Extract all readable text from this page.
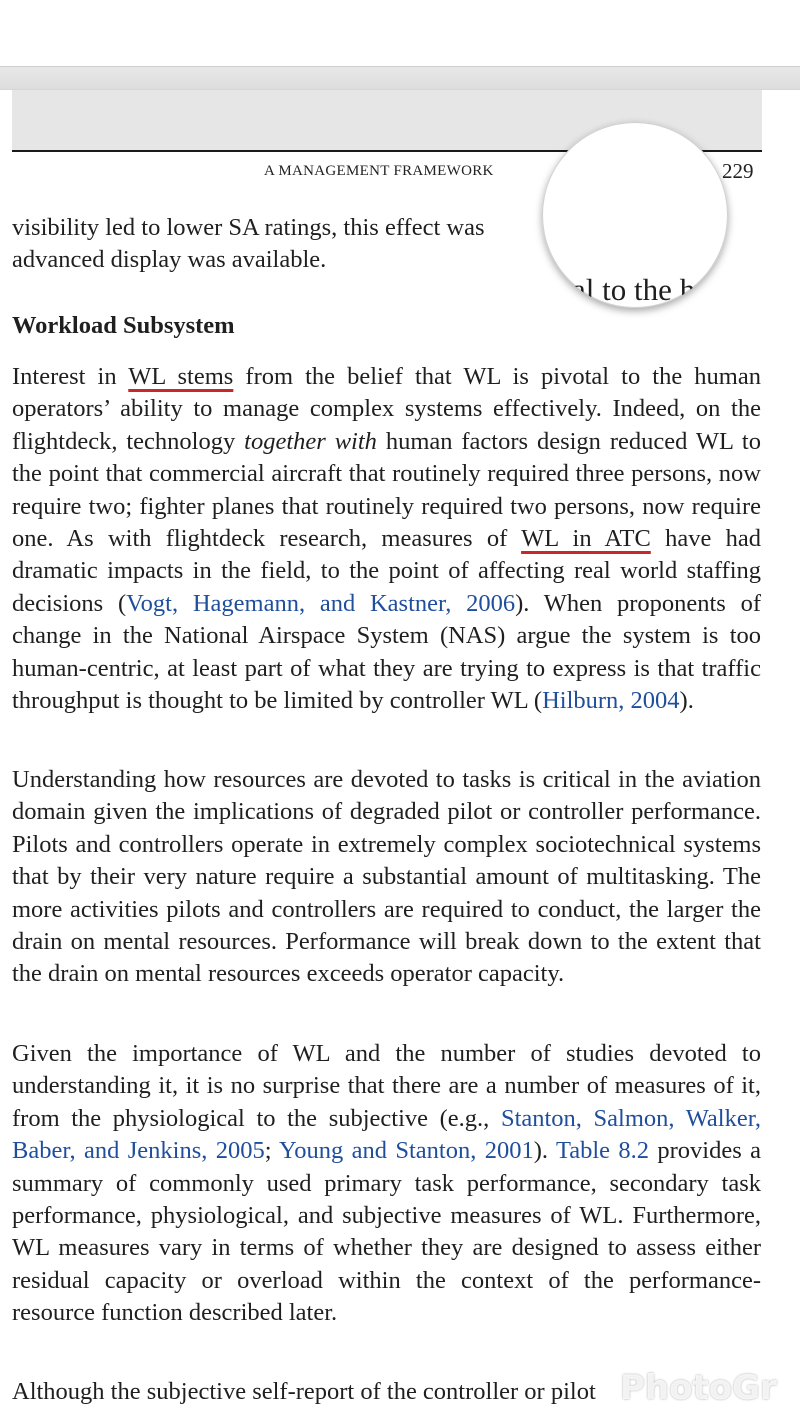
A MANAGEMENT FRAMEWORK	229

visibility led to lower SA ratings, this effect was
advanced display was available.

Workload Subsystem

Interest in WL stems from the belief that WL is pivotal to the human operators’ ability to manage complex systems effectively. Indeed, on the flightdeck, technology together with human factors design reduced WL to the point that commercial aircraft that routinely required three persons, now require two; fighter planes that routinely required two persons, now require one. As with flightdeck research, measures of WL in ATC have had dramatic impacts in the field, to the point of affecting real world staffing decisions (Vogt, Hagemann, and Kastner, 2006). When proponents of change in the National Airspace System (NAS) argue the system is too human-centric, at least part of what they are trying to express is that traffic throughput is thought to be limited by controller WL (Hilburn, 2004).

Understanding how resources are devoted to tasks is critical in the aviation domain given the implications of degraded pilot or controller performance. Pilots and controllers operate in extremely complex sociotechnical systems that by their very nature require a substantial amount of multitasking. The more activities pilots and controllers are required to conduct, the larger the drain on mental resources. Performance will break down to the extent that the drain on mental resources exceeds operator capacity.

Given the importance of WL and the number of studies devoted to understanding it, it is no surprise that there are a number of measures of it, from the physiological to the subjective (e.g., Stanton, Salmon, Walker, Baber, and Jenkins, 2005; Young and Stanton, 2001). Table 8.2 provides a summary of commonly used primary task performance, secondary task performance, physiological, and subjective measures of WL. Furthermore, WL measures vary in terms of whether they are designed to assess either residual capacity or overload within the context of the performance-resource function described later.

Although the subjective self-report of the controller or pilot

al to the h
PhotoGr
